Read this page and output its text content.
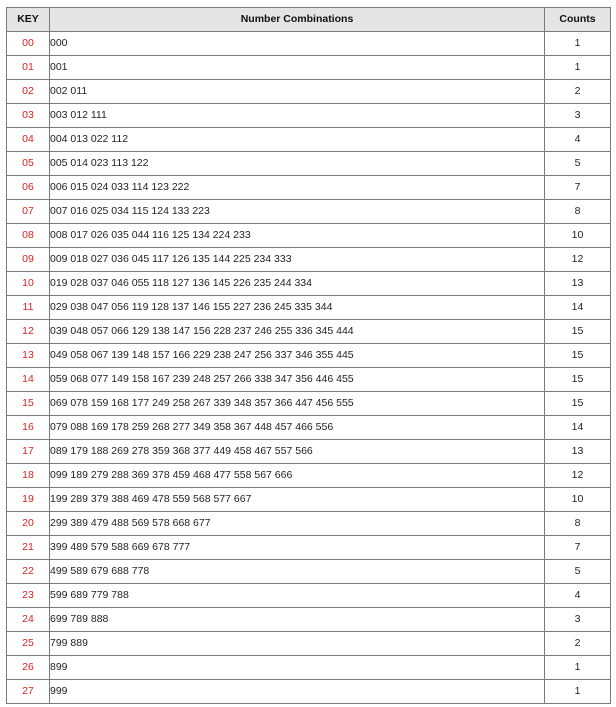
KEY	Number Combinations	Counts
00	000	1
01	001	1
02	002 011	2
03	003 012 111	3
04	004 013 022 112	4
05	005 014 023 113 122	5
06	006 015 024 033 114 123 222	7
07	007 016 025 034 115 124 133 223	8
08	008 017 026 035 044 116 125 134 224 233	10
09	009 018 027 036 045 117 126 135 144 225 234 333	12
10	019 028 037 046 055 118 127 136 145 226 235 244 334	13
11	029 038 047 056 119 128 137 146 155 227 236 245 335 344	14
12	039 048 057 066 129 138 147 156 228 237 246 255 336 345 444	15
13	049 058 067 139 148 157 166 229 238 247 256 337 346 355 445	15
14	059 068 077 149 158 167 239 248 257 266 338 347 356 446 455	15
15	069 078 159 168 177 249 258 267 339 348 357 366 447 456 555	15
16	079 088 169 178 259 268 277 349 358 367 448 457 466 556	14
17	089 179 188 269 278 359 368 377 449 458 467 557 566	13
18	099 189 279 288 369 378 459 468 477 558 567 666	12
19	199 289 379 388 469 478 559 568 577 667	10
20	299 389 479 488 569 578 668 677	8
21	399 489 579 588 669 678 777	7
22	499 589 679 688 778	5
23	599 689 779 788	4
24	699 789 888	3
25	799 889	2
26	899	1
27	999	1
